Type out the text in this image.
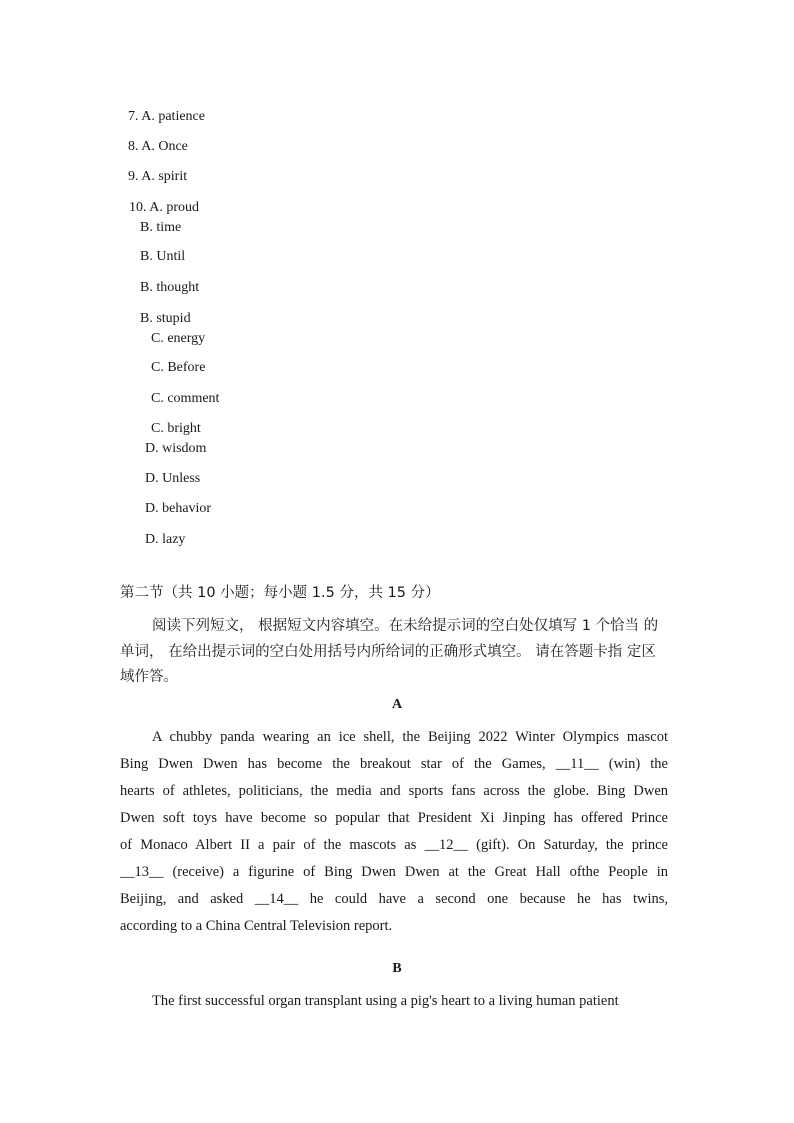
7. A. patience
8. A. Once
9. A. spirit
10. A. proud
B. time
B. Until
B. thought
B. stupid
C. energy
C. Before
C. comment
C. bright
D. wisdom
D. Unless
D. behavior
D. lazy
第二节（共 10 小题；每小题 1.5 分，共 15 分）
阅读下列短文， 根据短文内容填空。在未给提示词的空白处仅填写 1 个恰当 的
单词， 在给出提示词的空白处用括号内所给词的正确形式填空。 请在答题卡指 定区
域作答。
A
A chubby panda wearing an ice shell, the Beijing 2022 Winter Olympics mascot
Bing Dwen Dwen has become the breakout star of the Games, __11__ (win) the
hearts of athletes, politicians, the media and sports fans across the globe. Bing Dwen
Dwen soft toys have become so popular that President Xi Jinping has offered Prince
of Monaco Albert II a pair of the mascots as __12__ (gift). On Saturday, the prince
__13__ (receive) a figurine of Bing Dwen Dwen at the Great Hall ofthe People in
Beijing, and asked __14__ he could have a second one because he has twins,
according to a China Central Television report.
B
The first successful organ transplant using a pig's heart to a living human patient
